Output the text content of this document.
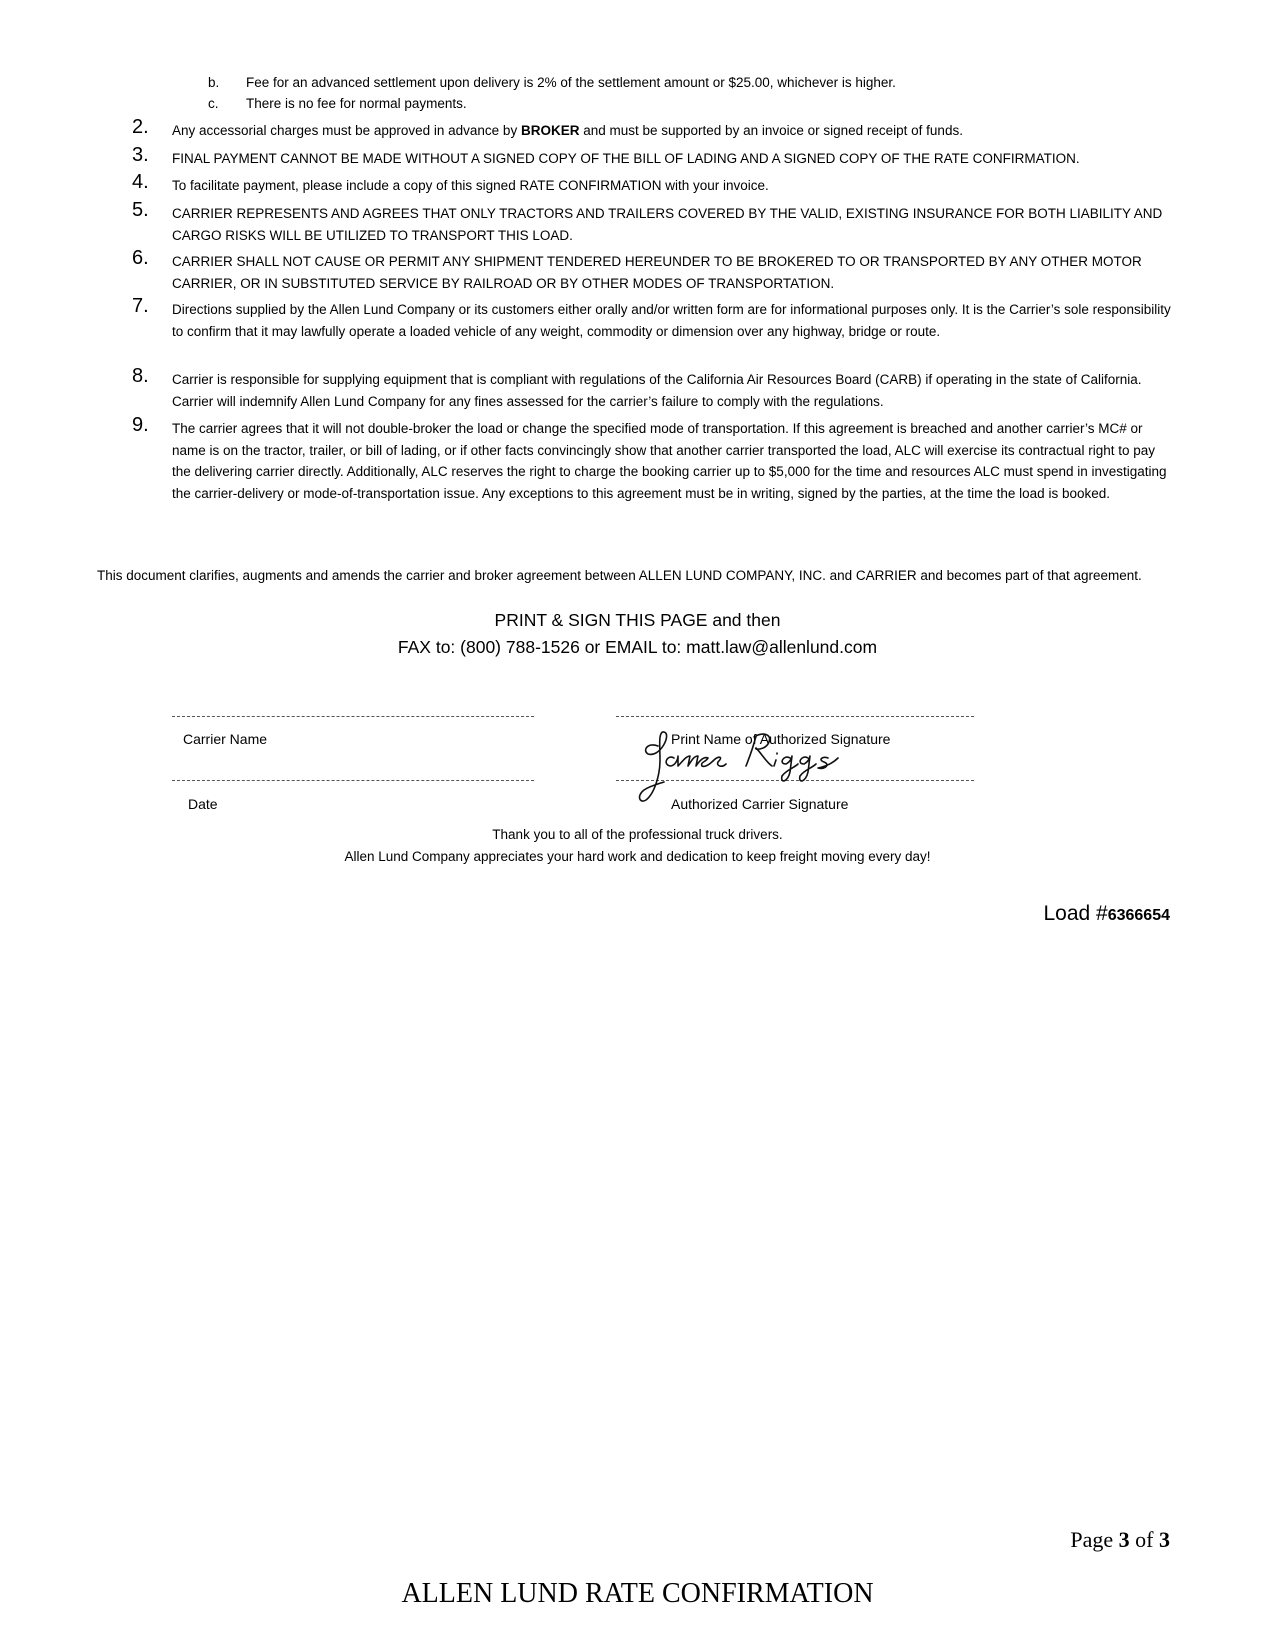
b. Fee for an advanced settlement upon delivery is 2% of the settlement amount or $25.00, whichever is higher.
c. There is no fee for normal payments.
2. Any accessorial charges must be approved in advance by BROKER and must be supported by an invoice or signed receipt of funds.
3. FINAL PAYMENT CANNOT BE MADE WITHOUT A SIGNED COPY OF THE BILL OF LADING AND A SIGNED COPY OF THE RATE CONFIRMATION.
4. To facilitate payment, please include a copy of this signed RATE CONFIRMATION with your invoice.
5. CARRIER REPRESENTS AND AGREES THAT ONLY TRACTORS AND TRAILERS COVERED BY THE VALID, EXISTING INSURANCE FOR BOTH LIABILITY AND CARGO RISKS WILL BE UTILIZED TO TRANSPORT THIS LOAD.
6. CARRIER SHALL NOT CAUSE OR PERMIT ANY SHIPMENT TENDERED HEREUNDER TO BE BROKERED TO OR TRANSPORTED BY ANY OTHER MOTOR CARRIER, OR IN SUBSTITUTED SERVICE BY RAILROAD OR BY OTHER MODES OF TRANSPORTATION.
7. Directions supplied by the Allen Lund Company or its customers either orally and/or written form are for informational purposes only. It is the Carrier’s sole responsibility to confirm that it may lawfully operate a loaded vehicle of any weight, commodity or dimension over any highway, bridge or route.
8. Carrier is responsible for supplying equipment that is compliant with regulations of the California Air Resources Board (CARB) if operating in the state of California. Carrier will indemnify Allen Lund Company for any fines assessed for the carrier’s failure to comply with the regulations.
9. The carrier agrees that it will not double-broker the load or change the specified mode of transportation. If this agreement is breached and another carrier’s MC# or name is on the tractor, trailer, or bill of lading, or if other facts convincingly show that another carrier transported the load, ALC will exercise its contractual right to pay the delivering carrier directly. Additionally, ALC reserves the right to charge the booking carrier up to $5,000 for the time and resources ALC must spend in investigating the carrier-delivery or mode-of-transportation issue. Any exceptions to this agreement must be in writing, signed by the parties, at the time the load is booked.
This document clarifies, augments and amends the carrier and broker agreement between ALLEN LUND COMPANY, INC. and CARRIER and becomes part of that agreement.
PRINT & SIGN THIS PAGE and then
FAX to: (800) 788-1526 or EMAIL to: matt.law@allenlund.com
Carrier Name	Print Name of Authorized Signature
Date	Authorized Carrier Signature
Thank you to all of the professional truck drivers.
Allen Lund Company appreciates your hard work and dedication to keep freight moving every day!
Load #6366654
Page 3 of 3
ALLEN LUND RATE CONFIRMATION
